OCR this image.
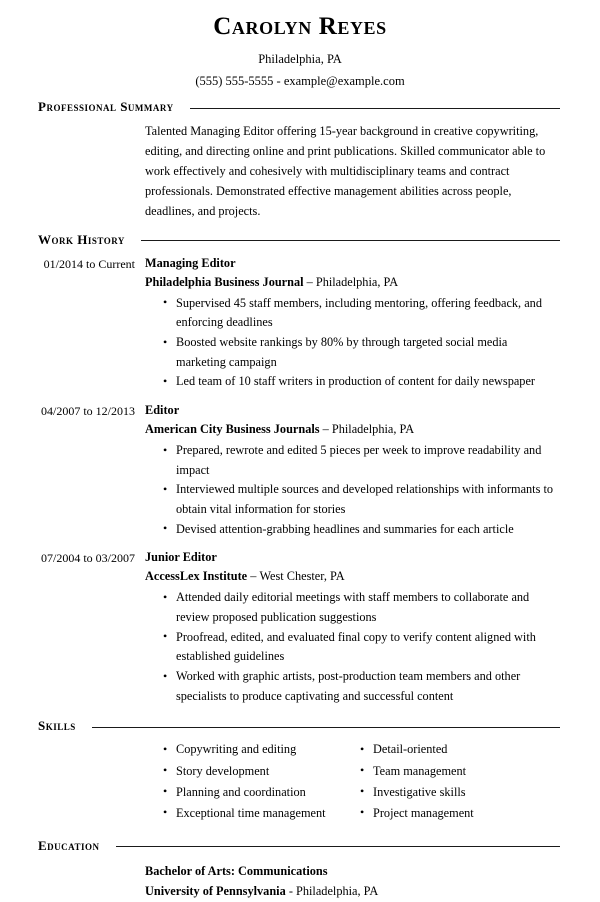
Carolyn Reyes
Philadelphia, PA
(555) 555-5555 - example@example.com
Professional Summary
Talented Managing Editor offering 15-year background in creative copywriting, editing, and directing online and print publications. Skilled communicator able to work effectively and cohesively with multidisciplinary teams and contract professionals. Demonstrated effective management abilities across people, deadlines, and projects.
Work History
01/2014 to Current Managing Editor
Philadelphia Business Journal – Philadelphia, PA
• Supervised 45 staff members, including mentoring, offering feedback, and enforcing deadlines
• Boosted website rankings by 80% by through targeted social media marketing campaign
• Led team of 10 staff writers in production of content for daily newspaper
04/2007 to 12/2013 Editor
American City Business Journals – Philadelphia, PA
• Prepared, rewrote and edited 5 pieces per week to improve readability and impact
• Interviewed multiple sources and developed relationships with informants to obtain vital information for stories
• Devised attention-grabbing headlines and summaries for each article
07/2004 to 03/2007 Junior Editor
AccessLex Institute – West Chester, PA
• Attended daily editorial meetings with staff members to collaborate and review proposed publication suggestions
• Proofread, edited, and evaluated final copy to verify content aligned with established guidelines
• Worked with graphic artists, post-production team members and other specialists to produce captivating and successful content
Skills
• Copywriting and editing
• Story development
• Planning and coordination
• Exceptional time management
• Detail-oriented
• Team management
• Investigative skills
• Project management
Education
Bachelor of Arts: Communications
University of Pennsylvania - Philadelphia, PA
